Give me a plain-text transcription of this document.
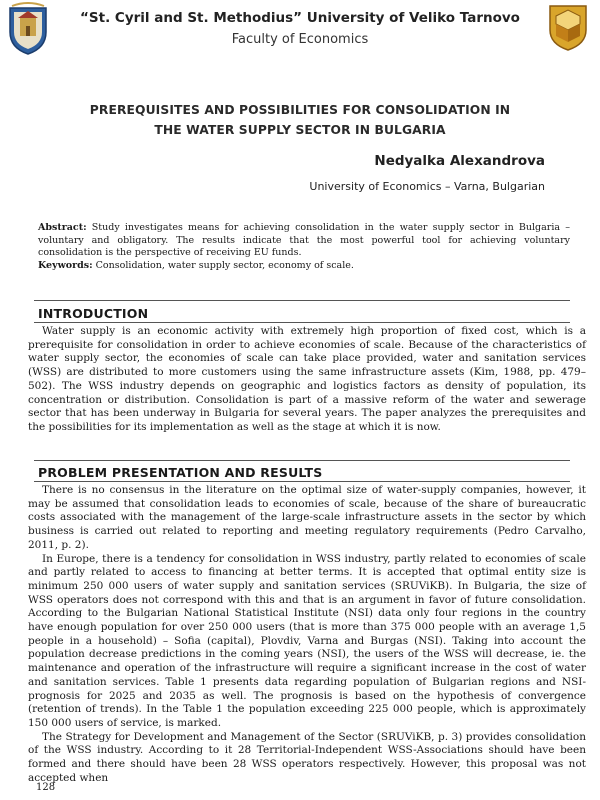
“St. Cyril and St. Methodius” University of Veliko Tarnovo
Faculty of Economics
PREREQUISITES AND POSSIBILITIES FOR CONSOLIDATION IN
THE WATER SUPPLY SECTOR IN BULGARIA
Nedyalka Alexandrova
University of Economics – Varna, Bulgarian
Abstract: Study investigates means for achieving consolidation in the water supply sector in Bulgaria – voluntary and obligatory. The results indicate that the most powerful tool for achieving voluntary consolidation is the perspective of receiving EU funds.
Keywords: Consolidation, water supply sector, economy of scale.
INTRODUCTION

Water supply is an economic activity with extremely high proportion of fixed cost, which is a prerequisite for consolidation in order to achieve economies of scale. Because of the characteristics of water supply sector, the economies of scale can take place provided, water and sanitation services (WSS) are distributed to more customers using the same infrastructure assets (Kim, 1988, pp. 479–502). The WSS industry depends on geographic and logistics factors as density of population, its concentration or distribution. Consolidation is part of a massive reform of the water and sewerage sector that has been underway in Bulgaria for several years. The paper analyzes the prerequisites and the possibilities for its implementation as well as the stage at which it is now.

PROBLEM PRESENTATION AND RESULTS

There is no consensus in the literature on the optimal size of water-supply companies, however, it may be assumed that consolidation leads to economies of scale, because of the share of bureaucratic costs associated with the management of the large-scale infrastructure assets in the sector by which business is carried out related to reporting and meeting regulatory requirements (Pedro Carvalho, 2011, p. 2).

In Europe, there is a tendency for consolidation in WSS industry, partly related to economies of scale and partly related to access to financing at better terms. It is accepted that optimal entity size is minimum 250 000 users of water supply and sanitation services (SRUViKB). In Bulgaria, the size of WSS operators does not correspond with this and that is an argument in favor of future consolidation. According to the Bulgarian National Statistical Institute (NSI) data only four regions in the country have enough population for over 250 000 users (that is more than 375 000 people with an average 1,5 people in a household) – Sofia (capital), Plovdiv, Varna and Burgas (NSI). Taking into account the population decrease predictions in the coming years (NSI), the users of the WSS will decrease, ie. the maintenance and operation of the infrastructure will require a significant increase in the cost of water and sanitation services. Table 1 presents data regarding population of Bulgarian regions and NSI-prognosis for 2025 and 2035 as well. The prognosis is based on the hypothesis of convergence (retention of trends). In the Table 1 the population exceeding 225 000 people, which is approximately 150 000 users of service, is marked.

The Strategy for Development and Management of the Sector (SRUViKB, p. 3) provides consolidation of the WSS industry. According to it 28 Territorial-Independent WSS-Associations should have been formed and there should have been 28 WSS operators respectively. However, this proposal was not accepted when

128
